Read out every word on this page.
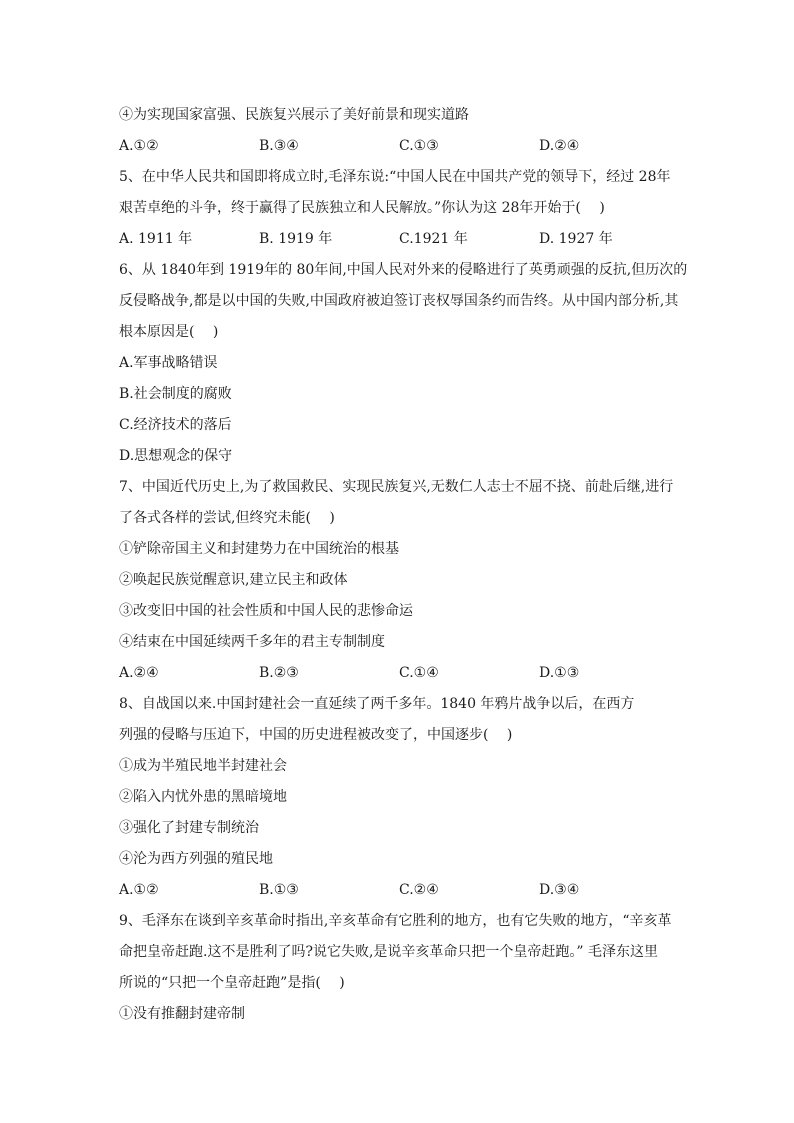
④为实现国家富强、民族复兴展示了美好前景和现实道路
A.①②	B.③④	C.①③	D.②④
5、在中华人民共和国即将成立时,毛泽东说:“中国人民在中国共产党的领导下，经过 28年
艰苦卓绝的斗争，终于赢得了民族独立和人民解放。”你认为这 28年开始于(　 )
A. 1911 年	B. 1919 年	C.1921 年	D. 1927 年
6、从 1840年到 1919年的 80年间,中国人民对外来的侵略进行了英勇顽强的反抗,但历次的
反侵略战争,都是以中国的失败,中国政府被迫签订丧权辱国条约而告终。从中国内部分析,其
根本原因是(　 )
A.军事战略错误
B.社会制度的腐败
C.经济技术的落后
D.思想观念的保守
7、中国近代历史上,为了救国救民、实现民族复兴,无数仁人志士不屈不挠、前赴后继,进行
了各式各样的尝试,但终究未能(　 )
①铲除帝国主义和封建势力在中国统治的根基
②唤起民族觉醒意识,建立民主和政体
③改变旧中国的社会性质和中国人民的悲惨命运
④结束在中国延续两千多年的君主专制制度
A.②④	B.②③	C.①④	D.①③
8、自战国以来.中国封建社会一直延续了两千多年。1840 年鸦片战争以后，在西方
列强的侵略与压迫下，中国的历史进程被改变了，中国逐步(　 )
①成为半殖民地半封建社会
②陷入内忧外患的黑暗境地
③强化了封建专制统治
④沦为西方列强的殖民地
A.①②	B.①③	C.②④	D.③④
9、毛泽东在谈到辛亥革命时指出,辛亥革命有它胜利的地方，也有它失败的地方，“辛亥革
命把皇帝赶跑.这不是胜利了吗?说它失败,是说辛亥革命只把一个皇帝赶跑。” 毛泽东这里
所说的“只把一个皇帝赶跑”是指(　 )
①没有推翻封建帝制
